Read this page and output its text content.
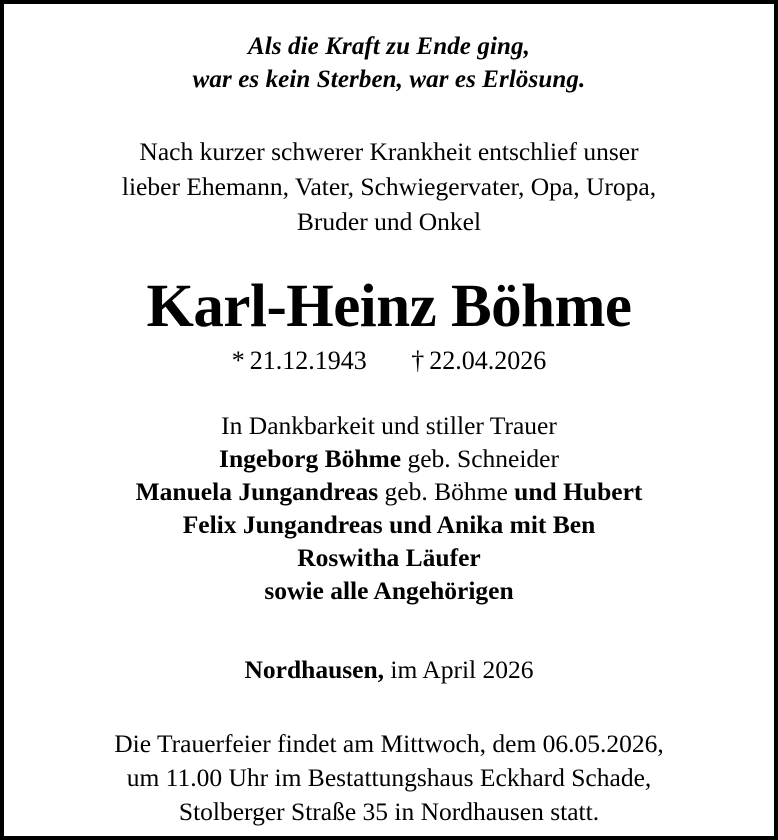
Als die Kraft zu Ende ging,
war es kein Sterben, war es Erlösung.
Nach kurzer schwerer Krankheit entschlief unser
lieber Ehemann, Vater, Schwiegervater, Opa, Uropa,
Bruder und Onkel
Karl-Heinz Böhme
* 21.12.1943 † 22.04.2026
In Dankbarkeit und stiller Trauer
Ingeborg Böhme geb. Schneider
Manuela Jungandreas geb. Böhme und Hubert
Felix Jungandreas und Anika mit Ben
Roswitha Läufer
sowie alle Angehörigen
Nordhausen, im April 2026
Die Trauerfeier findet am Mittwoch, dem 06.05.2026,
um 11.00 Uhr im Bestattungshaus Eckhard Schade,
Stolberger Straße 35 in Nordhausen statt.
